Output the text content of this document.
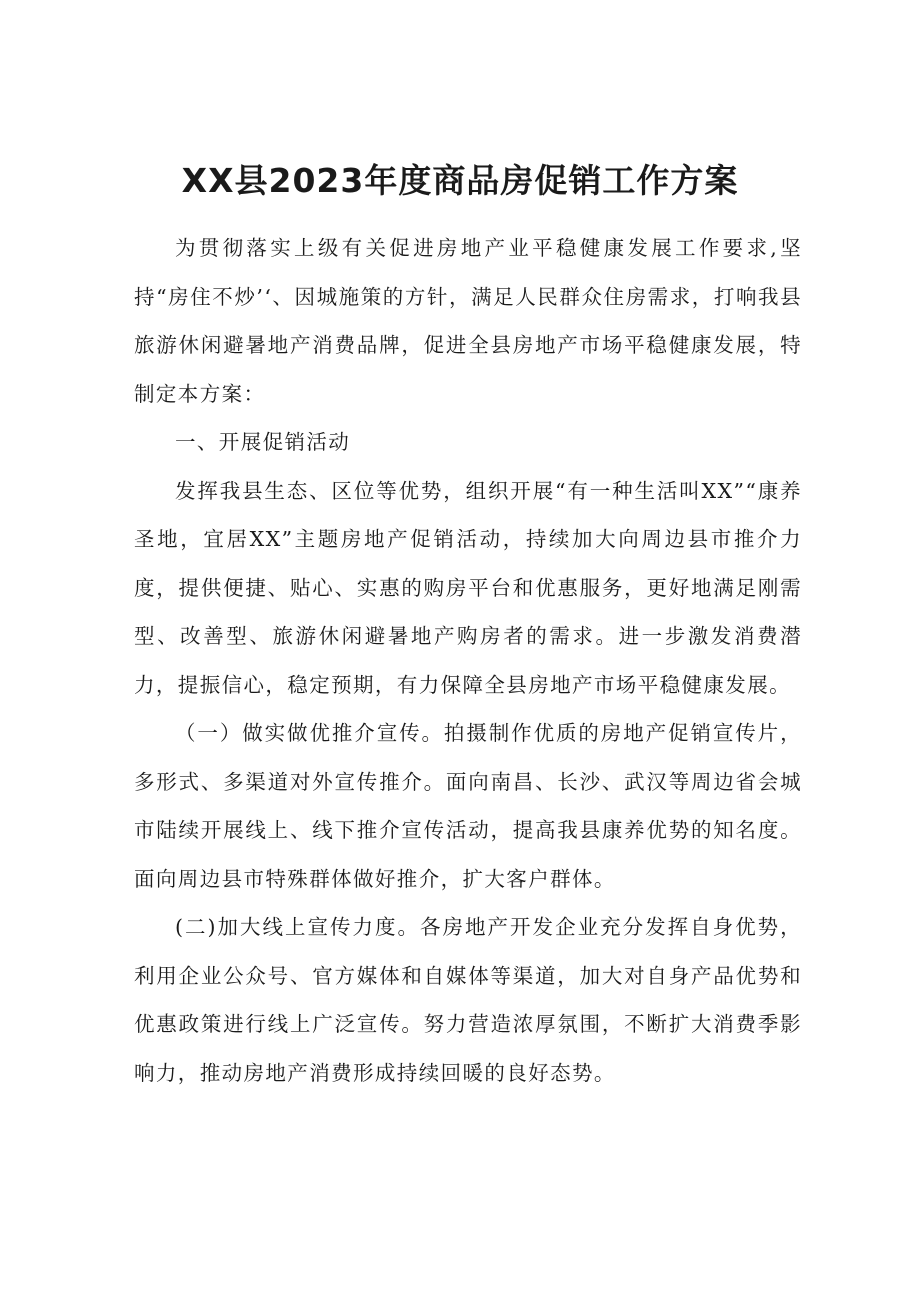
XX县2023年度商品房促销工作方案

为贯彻落实上级有关促进房地产业平稳健康发展工作要求,坚持“房住不炒’‘、因城施策的方针，满足人民群众住房需求，打响我县旅游休闲避暑地产消费品牌，促进全县房地产市场平稳健康发展，特制定本方案：

一、开展促销活动

发挥我县生态、区位等优势，组织开展“有一种生活叫XX”“康养圣地，宜居XX”主题房地产促销活动，持续加大向周边县市推介力度，提供便捷、贴心、实惠的购房平台和优惠服务，更好地满足刚需型、改善型、旅游休闲避暑地产购房者的需求。进一步激发消费潜力，提振信心，稳定预期，有力保障全县房地产市场平稳健康发展。

（一）做实做优推介宣传。拍摄制作优质的房地产促销宣传片，多形式、多渠道对外宣传推介。面向南昌、长沙、武汉等周边省会城市陆续开展线上、线下推介宣传活动，提高我县康养优势的知名度。面向周边县市特殊群体做好推介，扩大客户群体。

(二)加大线上宣传力度。各房地产开发企业充分发挥自身优势，利用企业公众号、官方媒体和自媒体等渠道，加大对自身产品优势和优惠政策进行线上广泛宣传。努力营造浓厚氛围，不断扩大消费季影响力，推动房地产消费形成持续回暖的良好态势。
